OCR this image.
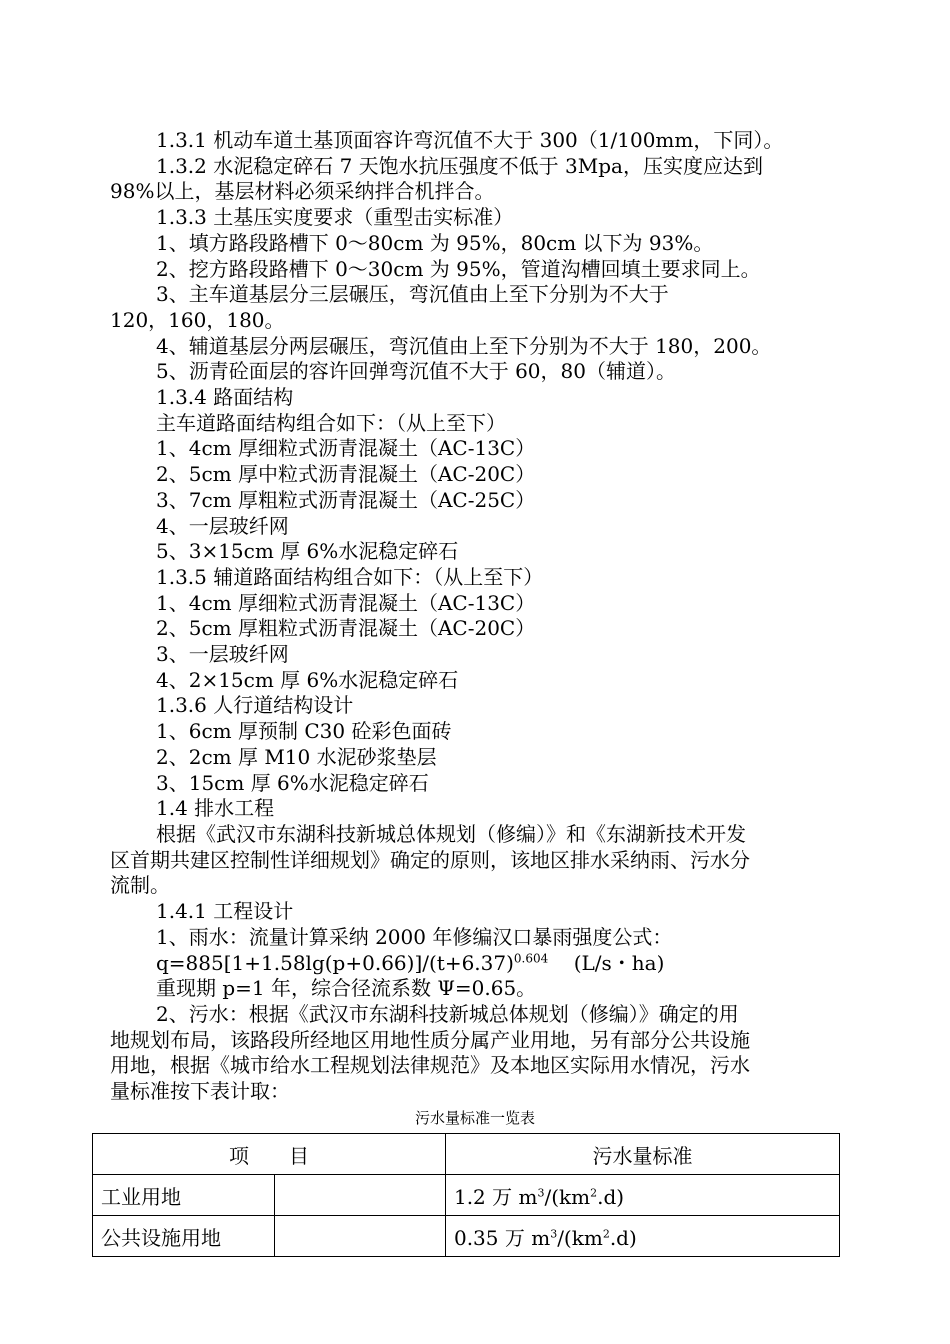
1.3.1 机动车道土基顶面容许弯沉值不大于 300（1/100mm，下同）。

1.3.2 水泥稳定碎石 7 天饱水抗压强度不低于 3Mpa，压实度应达到

98%以上，基层材料必须采纳拌合机拌合。

1.3.3 土基压实度要求（重型击实标准）

1、填方路段路槽下 0～80cm 为 95%，80cm 以下为 93%。

2、挖方路段路槽下 0～30cm 为 95%，管道沟槽回填土要求同上。

3、主车道基层分三层碾压，弯沉值由上至下分别为不大于

120，160，180。

4、辅道基层分两层碾压，弯沉值由上至下分别为不大于 180，200。

5、沥青砼面层的容许回弹弯沉值不大于 60，80（辅道）。

1.3.4 路面结构

主车道路面结构组合如下：（从上至下）

1、4cm 厚细粒式沥青混凝土（AC-13C）

2、5cm 厚中粒式沥青混凝土（AC-20C）

3、7cm 厚粗粒式沥青混凝土（AC-25C）

4、一层玻纤网

5、3×15cm 厚 6%水泥稳定碎石

1.3.5 辅道路面结构组合如下：（从上至下）

1、4cm 厚细粒式沥青混凝土（AC-13C）

2、5cm 厚粗粒式沥青混凝土（AC-20C）

3、一层玻纤网

4、2×15cm 厚 6%水泥稳定碎石

1.3.6 人行道结构设计

1、6cm 厚预制 C30 砼彩色面砖

2、2cm 厚 M10 水泥砂浆垫层

3、15cm 厚 6%水泥稳定碎石

1.4 排水工程

根据《武汉市东湖科技新城总体规划（修编）》和《东湖新技术开发

区首期共建区控制性详细规划》确定的原则，该地区排水采纳雨、污水分

流制。

1.4.1 工程设计

1、雨水：流量计算采纳 2000 年修编汉口暴雨强度公式：

$q=885[1+1.58\lg(p+0.66)]/(t+6.37)^{0.604}$ (L/s・ha)

重现期 p=1 年，综合径流系数 Ψ=0.65。

2、污水：根据《武汉市东湖科技新城总体规划（修编）》确定的用

地规划布局，该路段所经地区用地性质分属产业用地，另有部分公共设施

用地，根据《城市给水工程规划法律规范》及本地区实际用水情况，污水

量标准按下表计取：

污水量标准一览表
项　　目		污水量标准
工业用地		1.2 万 $m^3/(km^2.d)$
公共设施用地		0.35 万 $m^3/(km^2.d)$
